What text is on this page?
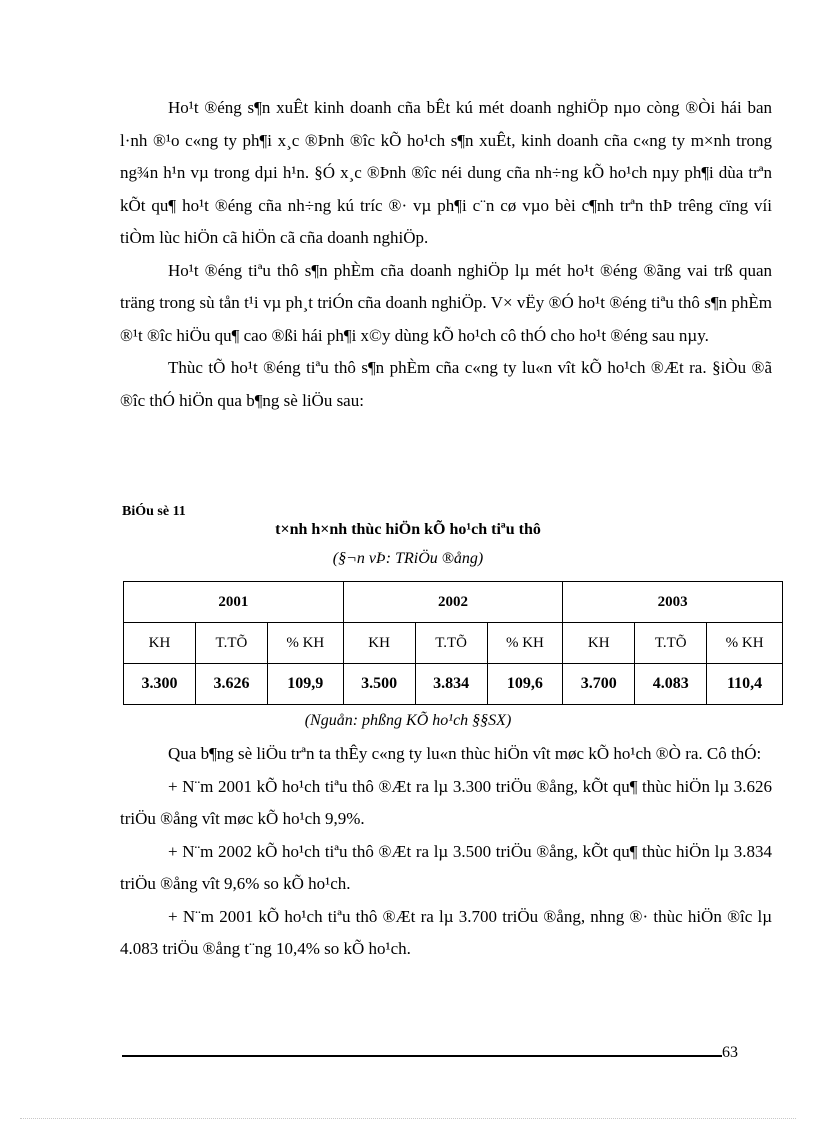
Ho¹t ®éng s¶n xuÊt kinh doanh cña bÊt kú mét doanh nghiÖp nµo còng ®Òi hái ban l·nh ®¹o c«ng ty ph¶i x¸c ®Þnh ®îc kÕ ho¹ch s¶n xuÊt, kinh doanh cña c«ng ty m×nh trong ng¾n h¹n vµ trong dµi h¹n. §Ó x¸c ®Þnh ®îc néi dung cña nh÷ng kÕ ho¹ch nµy ph¶i dùa trªn kÕt qu¶ ho¹t ®éng cña nh÷ng kú tríc ®· vµ ph¶i c¨n cø vµo bèi c¶nh trªn thÞ trêng cïng víi tiÒm lùc hiÖn cã hiÖn cã cña doanh nghiÖp.

Ho¹t ®éng tiªu thô s¶n phÈm cña doanh nghiÖp lµ mét ho¹t ®éng ®ãng vai trß quan träng trong sù tån t¹i vµ ph¸t triÓn cña doanh nghiÖp. V× vËy ®Ó ho¹t ®éng tiªu thô s¶n phÈm ®¹t ®îc hiÖu qu¶ cao ®ßi hái ph¶i x©y dùng kÕ ho¹ch cô thÓ cho ho¹t ®éng sau nµy.

Thùc tÕ ho¹t ®éng tiªu thô s¶n phÈm cña c«ng ty lu«n vît kÕ ho¹ch ®Æt ra. §iÒu ®ã ®îc thÓ hiÖn qua b¶ng sè liÖu sau:

BiÓu sè 11
t×nh h×nh thùc hiÖn kÕ ho¹ch tiªu thô
(§¬n vÞ: TRiÖu ®ång)
2001			2002			2003		
KH	T.TÕ	% KH	KH	T.TÕ	% KH	KH	T.TÕ	% KH
3.300	3.626	109,9	3.500	3.834	109,6	3.700	4.083	110,4
(Nguån: phßng KÕ ho¹ch §§SX)

Qua b¶ng sè liÖu trªn ta thÊy c«ng ty lu«n thùc hiÖn vît møc kÕ ho¹ch ®Ò ra. Cô thÓ:

+ N¨m 2001 kÕ ho¹ch tiªu thô ®Æt ra lµ 3.300 triÖu ®ång, kÕt qu¶ thùc hiÖn lµ 3.626 triÖu ®ång vît møc kÕ ho¹ch 9,9%.

+ N¨m 2002 kÕ ho¹ch tiªu thô ®Æt ra lµ 3.500 triÖu ®ång, kÕt qu¶ thùc hiÖn lµ 3.834 triÖu ®ång vît 9,6% so kÕ ho¹ch.

+ N¨m 2001 kÕ ho¹ch tiªu thô ®Æt ra lµ 3.700 triÖu ®ång, nhng ®· thùc hiÖn ®îc lµ 4.083 triÖu ®ång t¨ng 10,4% so kÕ ho¹ch.

63
